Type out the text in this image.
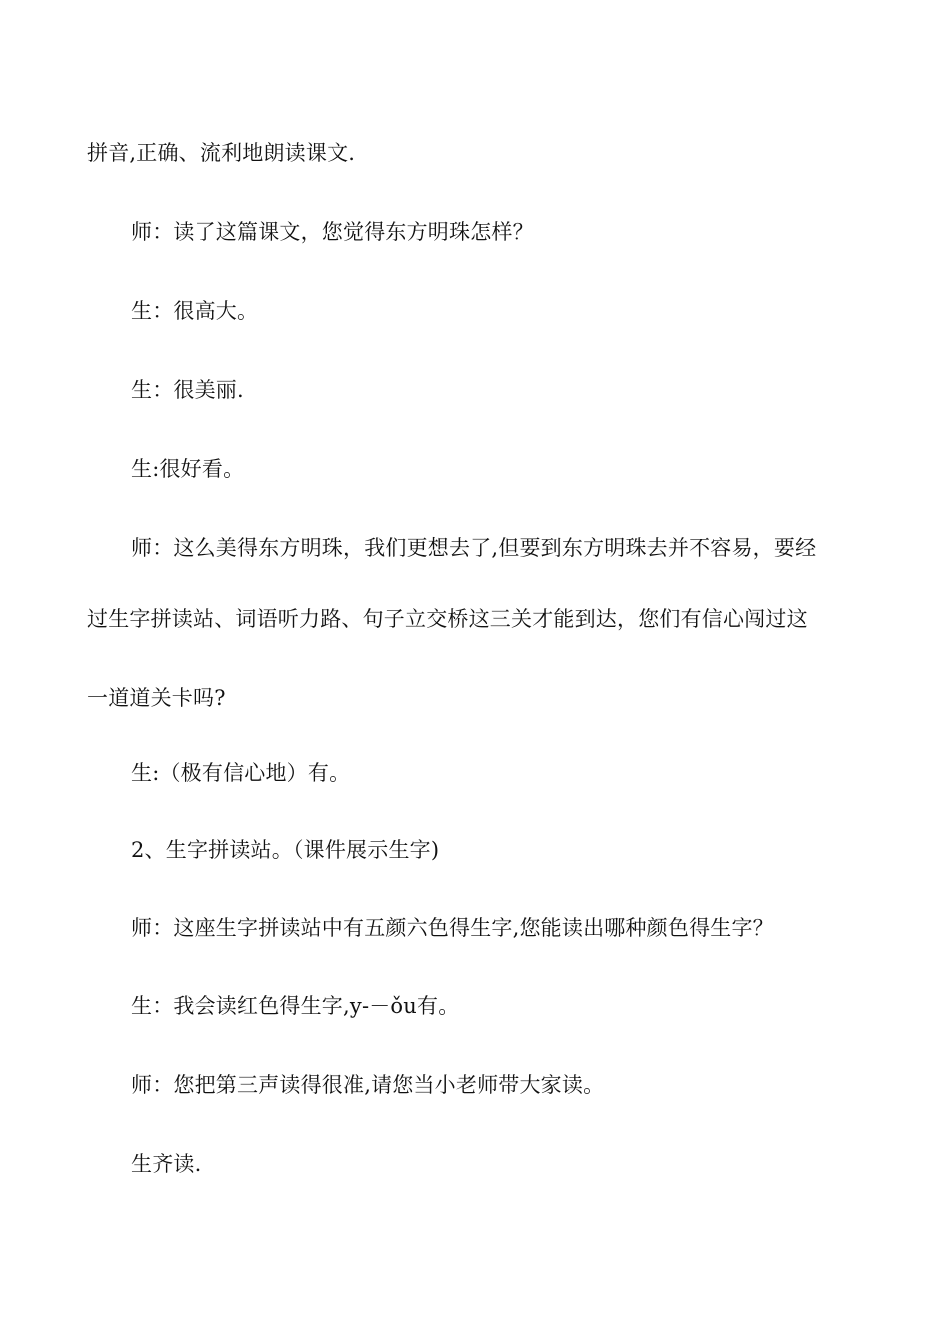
拼音,正确、流利地朗读课文.

师：读了这篇课文，您觉得东方明珠怎样？

生：很高大。

生：很美丽.

生:很好看。

师：这么美得东方明珠，我们更想去了,但要到东方明珠去并不容易，要经

过生字拼读站、词语听力路、句子立交桥这三关才能到达，您们有信心闯过这

一道道关卡吗?

生:（极有信心地）有。

2、生字拼读站。（课件展示生字)

师：这座生字拼读站中有五颜六色得生字,您能读出哪种颜色得生字？

生：我会读红色得生字,y-－ǒu有。

师：您把第三声读得很准,请您当小老师带大家读。

生齐读.
